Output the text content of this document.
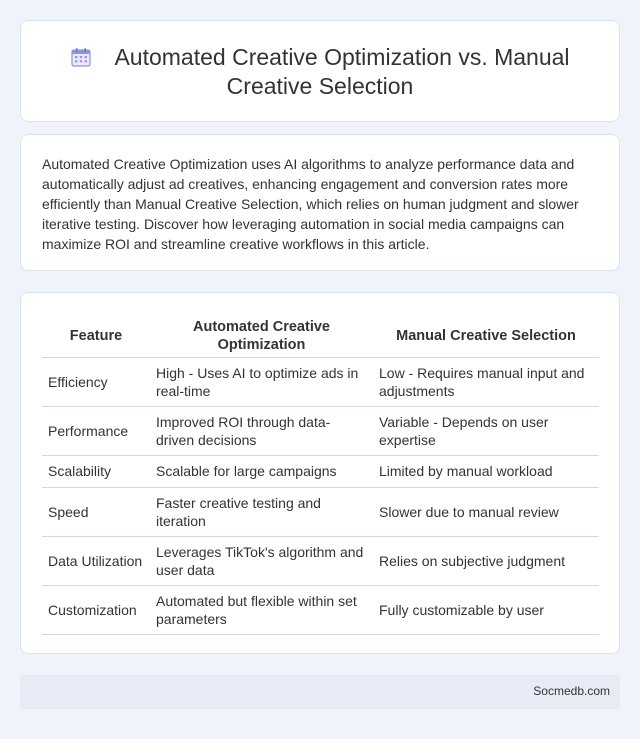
Automated Creative Optimization vs. Manual Creative Selection

Automated Creative Optimization uses AI algorithms to analyze performance data and automatically adjust ad creatives, enhancing engagement and conversion rates more efficiently than Manual Creative Selection, which relies on human judgment and slower iterative testing. Discover how leveraging automation in social media campaigns can maximize ROI and streamline creative workflows in this article.

Feature	Automated Creative Optimization	Manual Creative Selection
Efficiency	High - Uses AI to optimize ads in real-time	Low - Requires manual input and adjustments
Performance	Improved ROI through data-driven decisions	Variable - Depends on user expertise
Scalability	Scalable for large campaigns	Limited by manual workload
Speed	Faster creative testing and iteration	Slower due to manual review
Data Utilization	Leverages TikTok's algorithm and user data	Relies on subjective judgment
Customization	Automated but flexible within set parameters	Fully customizable by user
Socmedb.com
